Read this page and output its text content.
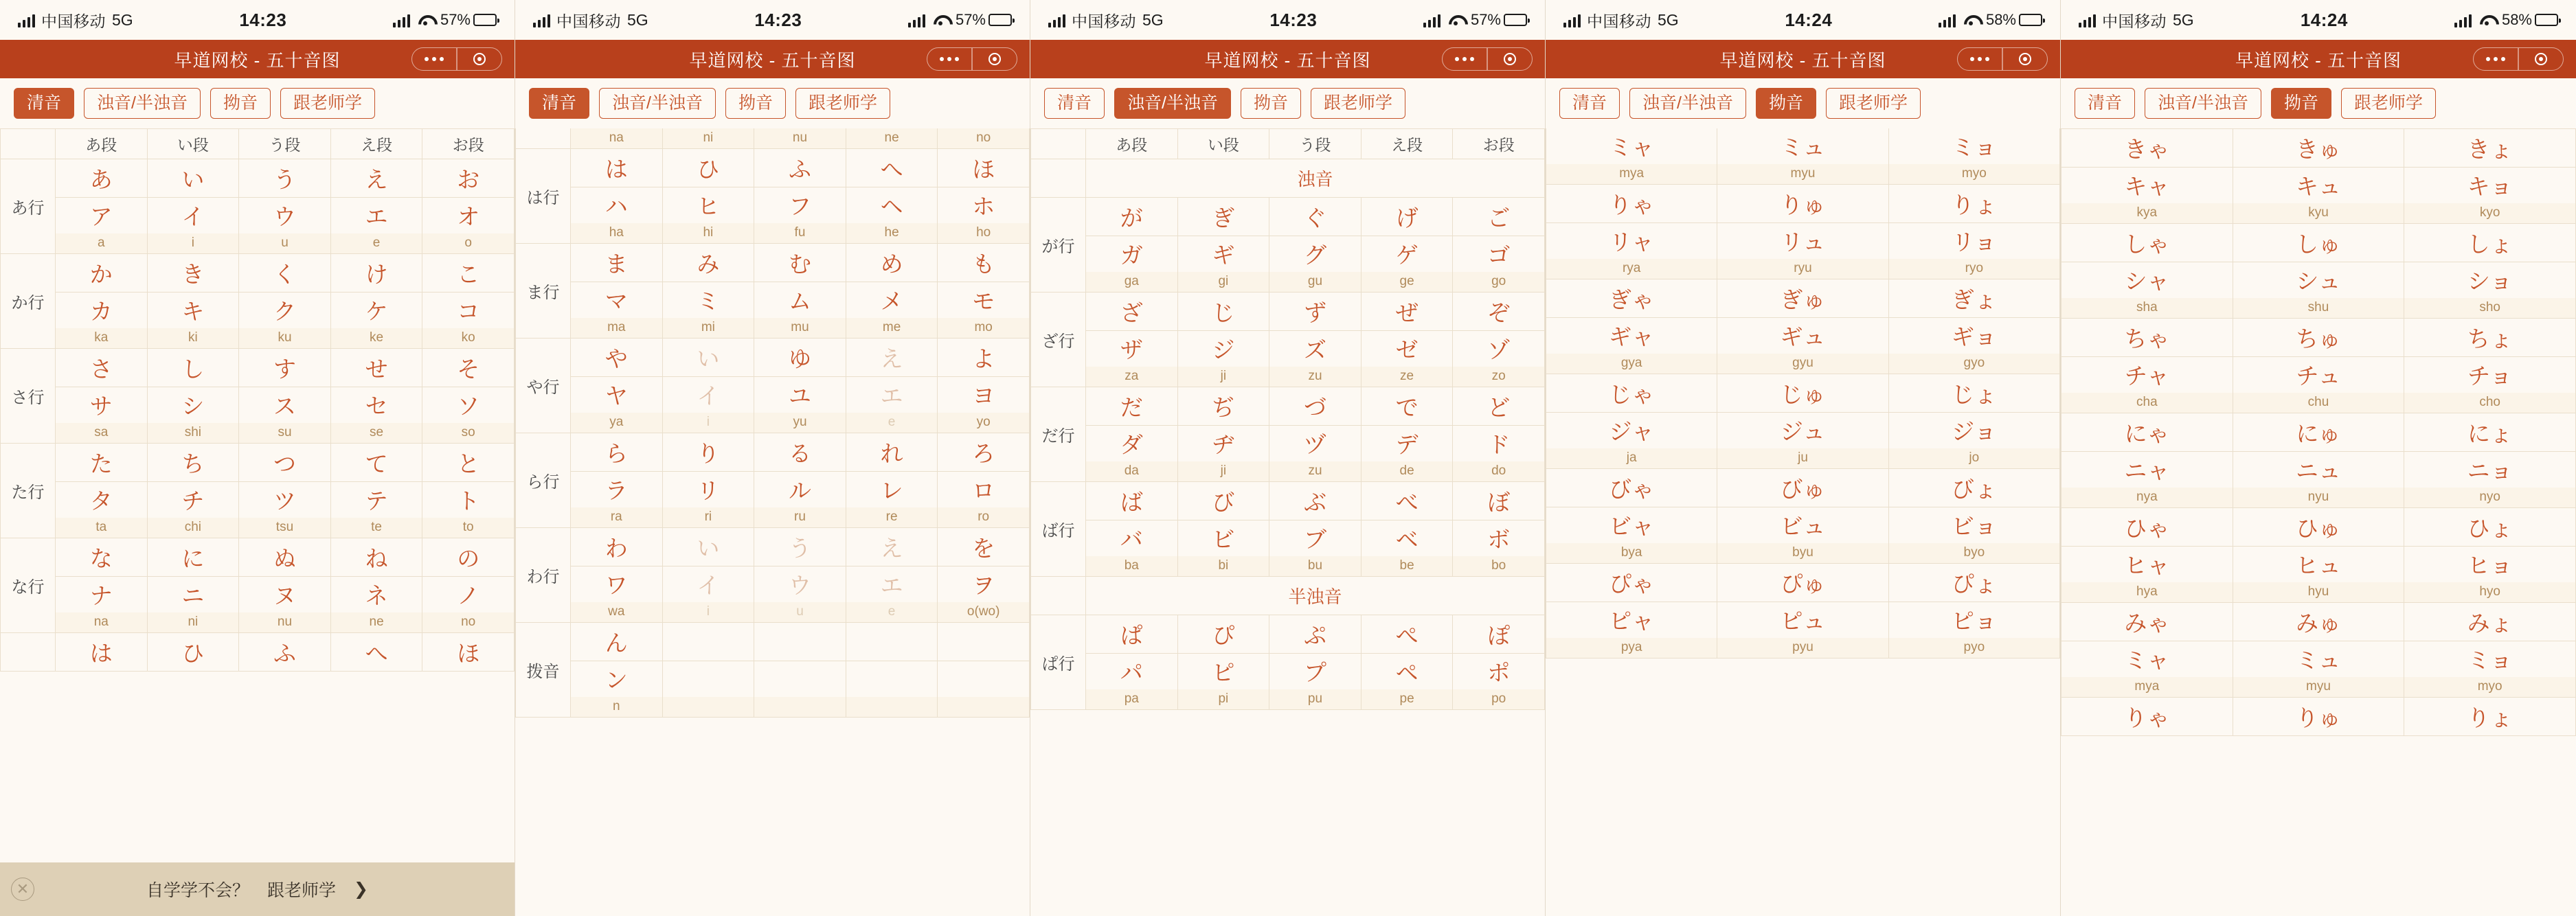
中国移动 5G	14:23	57%
早道网校 - 五十音图
清音	浊音/半浊音	拗音	跟老师学
	あ段	い段	う段	え段	お段
あ行	あ	い	う	え	お
	ア	イ	ウ	エ	オ
	a	i	u	e	o
か行	か	き	く	け	こ
	カ	キ	ク	ケ	コ
	ka	ki	ku	ke	ko
さ行	さ	し	す	せ	そ
	サ	シ	ス	セ	ソ
	sa	shi	su	se	so
た行	た	ち	つ	て	と
	タ	チ	ツ	テ	ト
	ta	chi	tsu	te	to
な行	な	に	ぬ	ね	の
	ナ	ニ	ヌ	ネ	ノ
	na	ni	nu	ne	no
	は	ひ	ふ	へ	ほ
✕	自学学不会？ 跟老师学 ❯
中国移动 5G	14:23	57%
早道网校 - 五十音图
清音	浊音/半浊音	拗音	跟老师学
	na	ni	nu	ne	no
は行	は	ひ	ふ	へ	ほ
	ハ	ヒ	フ	ヘ	ホ
	ha	hi	fu	he	ho
ま行	ま	み	む	め	も
	マ	ミ	ム	メ	モ
	ma	mi	mu	me	mo
や行	や	い	ゆ	え	よ
	ヤ	イ	ユ	エ	ヨ
	ya	i	yu	e	yo
ら行	ら	り	る	れ	ろ
	ラ	リ	ル	レ	ロ
	ra	ri	ru	re	ro
わ行	わ	い	う	え	を
	ワ	イ	ウ	エ	ヲ
	wa	i	u	e	o(wo)
拨音	ん				
	ン				
	n				
中国移动 5G	14:23	57%
早道网校 - 五十音图
清音	浊音/半浊音	拗音	跟老师学
	あ段	い段	う段	え段	お段
	浊音				
が行	が	ぎ	ぐ	げ	ご
	ガ	ギ	グ	ゲ	ゴ
	ga	gi	gu	ge	go
ざ行	ざ	じ	ず	ぜ	ぞ
	ザ	ジ	ズ	ゼ	ゾ
	za	ji	zu	ze	zo
だ行	だ	ぢ	づ	で	ど
	ダ	ヂ	ヅ	デ	ド
	da	ji	zu	de	do
ば行	ば	び	ぶ	べ	ぼ
	バ	ビ	ブ	ベ	ボ
	ba	bi	bu	be	bo
	半浊音				
ぱ行	ぱ	ぴ	ぷ	ぺ	ぽ
	パ	ピ	プ	ペ	ポ
	pa	pi	pu	pe	po
中国移动 5G	14:24	58%
早道网校 - 五十音图
清音	浊音/半浊音	拗音	跟老师学
ミャ	ミュ	ミョ
mya	myu	myo
りゃ	りゅ	りょ
リャ	リュ	リョ
rya	ryu	ryo
ぎゃ	ぎゅ	ぎょ
ギャ	ギュ	ギョ
gya	gyu	gyo
じゃ	じゅ	じょ
ジャ	ジュ	ジョ
ja	ju	jo
びゃ	びゅ	びょ
ビャ	ビュ	ビョ
bya	byu	byo
ぴゃ	ぴゅ	ぴょ
ピャ	ピュ	ピョ
pya	pyu	pyo
中国移动 5G	14:24	58%
早道网校 - 五十音图
清音	浊音/半浊音	拗音	跟老师学
きゃ	きゅ	きょ
キャ	キュ	キョ
kya	kyu	kyo
しゃ	しゅ	しょ
シャ	シュ	ショ
sha	shu	sho
ちゃ	ちゅ	ちょ
チャ	チュ	チョ
cha	chu	cho
にゃ	にゅ	にょ
ニャ	ニュ	ニョ
nya	nyu	nyo
ひゃ	ひゅ	ひょ
ヒャ	ヒュ	ヒョ
hya	hyu	hyo
みゃ	みゅ	みょ
ミャ	ミュ	ミョ
mya	myu	myo
りゃ	りゅ	りょ
